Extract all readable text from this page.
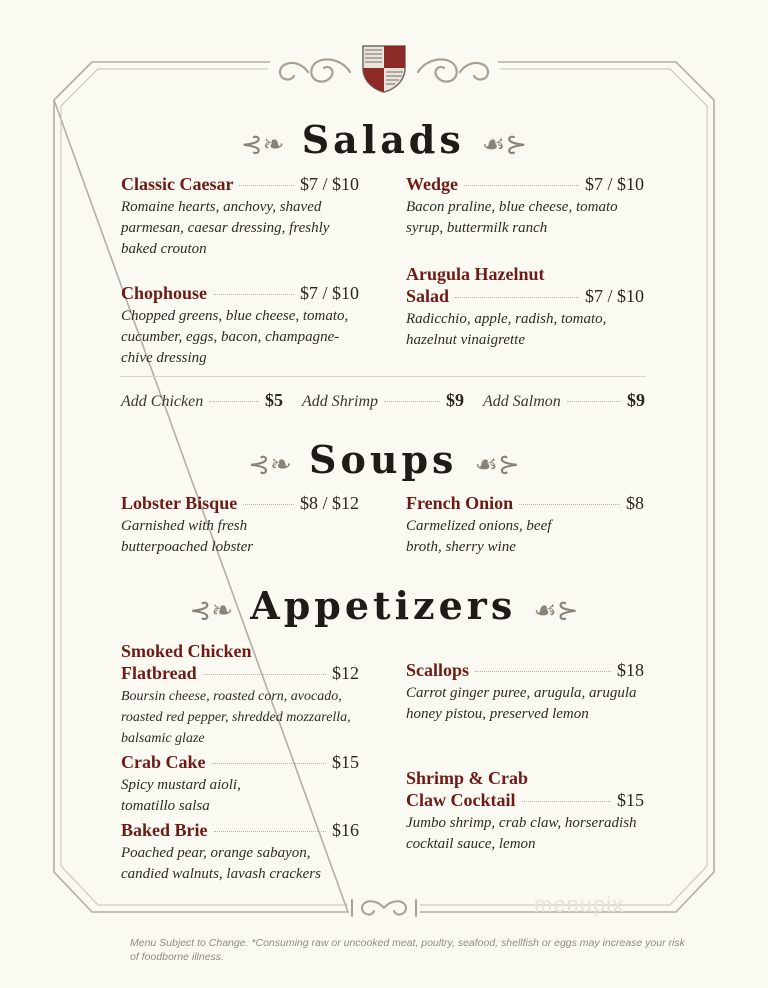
⊰❧ Salads ☙⊱
Classic Caesar	$7 / $10
Romaine hearts, anchovy, shaved parmesan, caesar dressing, freshly baked crouton
Wedge	$7 / $10
Bacon praline, blue cheese, tomato syrup, buttermilk ranch
Chophouse	$7 / $10
Chopped greens, blue cheese, tomato, cucumber, eggs, bacon, champagne-chive dressing
Arugula Hazelnut
Salad	$7 / $10
Radicchio, apple, radish, tomato, hazelnut vinaigrette
Add Chicken	$5 Add Shrimp	$9 Add Salmon	$9
⊰❧ Soups ☙⊱
Lobster Bisque	$8 / $12
Garnished with fresh butterpoached lobster
French Onion	$8
Carmelized onions, beef broth, sherry wine
⊰❧ Appetizers ☙⊱
Smoked Chicken
Flatbread	$12
Boursin cheese, roasted corn, avocado, roasted red pepper, shredded mozzarella, balsamic glaze
Crab Cake	$15
Spicy mustard aioli, tomatillo salsa
Baked Brie	$16
Poached pear, orange sabayon, candied walnuts, lavash crackers
Scallops	$18
Carrot ginger puree, arugula, arugula honey pistou, preserved lemon
Shrimp & Crab
Claw Cocktail	$15
Jumbo shrimp, crab claw, horseradish cocktail sauce, lemon
menupix
Menu Subject to Change. *Consuming raw or uncooked meat, poultry, seafood, shellfish or eggs may increase your risk of foodborne illness.
